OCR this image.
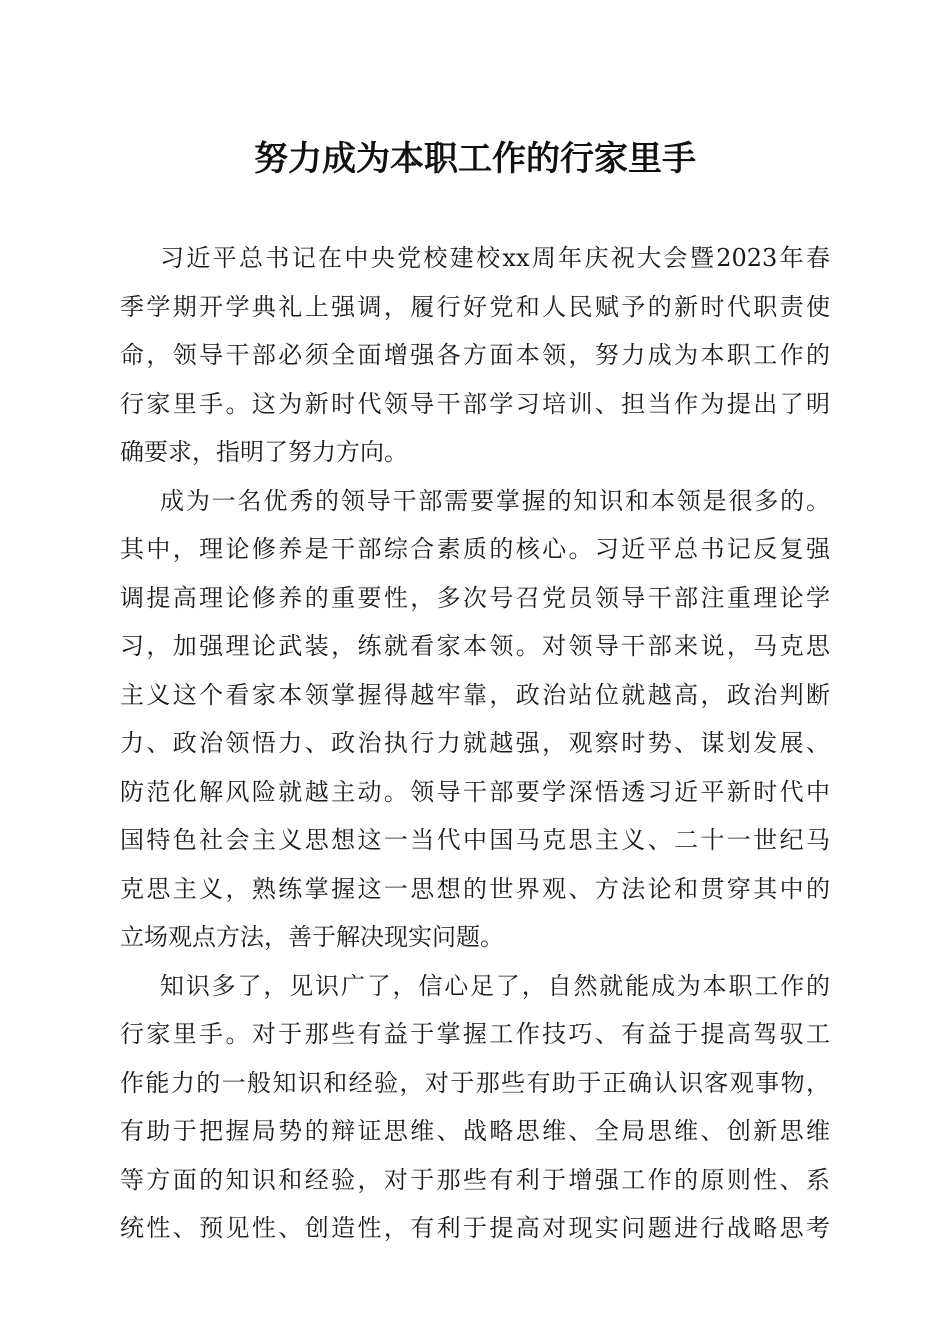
努力成为本职工作的行家里手
习近平总书记在中央党校建校xx周年庆祝大会暨2023年春
季学期开学典礼上强调，履行好党和人民赋予的新时代职责使
命，领导干部必须全面增强各方面本领，努力成为本职工作的
行家里手。这为新时代领导干部学习培训、担当作为提出了明
确要求，指明了努力方向。
成为一名优秀的领导干部需要掌握的知识和本领是很多的。
其中，理论修养是干部综合素质的核心。习近平总书记反复强
调提高理论修养的重要性，多次号召党员领导干部注重理论学
习，加强理论武装，练就看家本领。对领导干部来说，马克思
主义这个看家本领掌握得越牢靠，政治站位就越高，政治判断
力、政治领悟力、政治执行力就越强，观察时势、谋划发展、
防范化解风险就越主动。领导干部要学深悟透习近平新时代中
国特色社会主义思想这一当代中国马克思主义、二十一世纪马
克思主义，熟练掌握这一思想的世界观、方法论和贯穿其中的
立场观点方法，善于解决现实问题。
知识多了，见识广了，信心足了，自然就能成为本职工作的
行家里手。对于那些有益于掌握工作技巧、有益于提高驾驭工
作能力的一般知识和经验，对于那些有助于正确认识客观事物，
有助于把握局势的辩证思维、战略思维、全局思维、创新思维
等方面的知识和经验，对于那些有利于增强工作的原则性、系
统性、预见性、创造性，有利于提高对现实问题进行战略思考
